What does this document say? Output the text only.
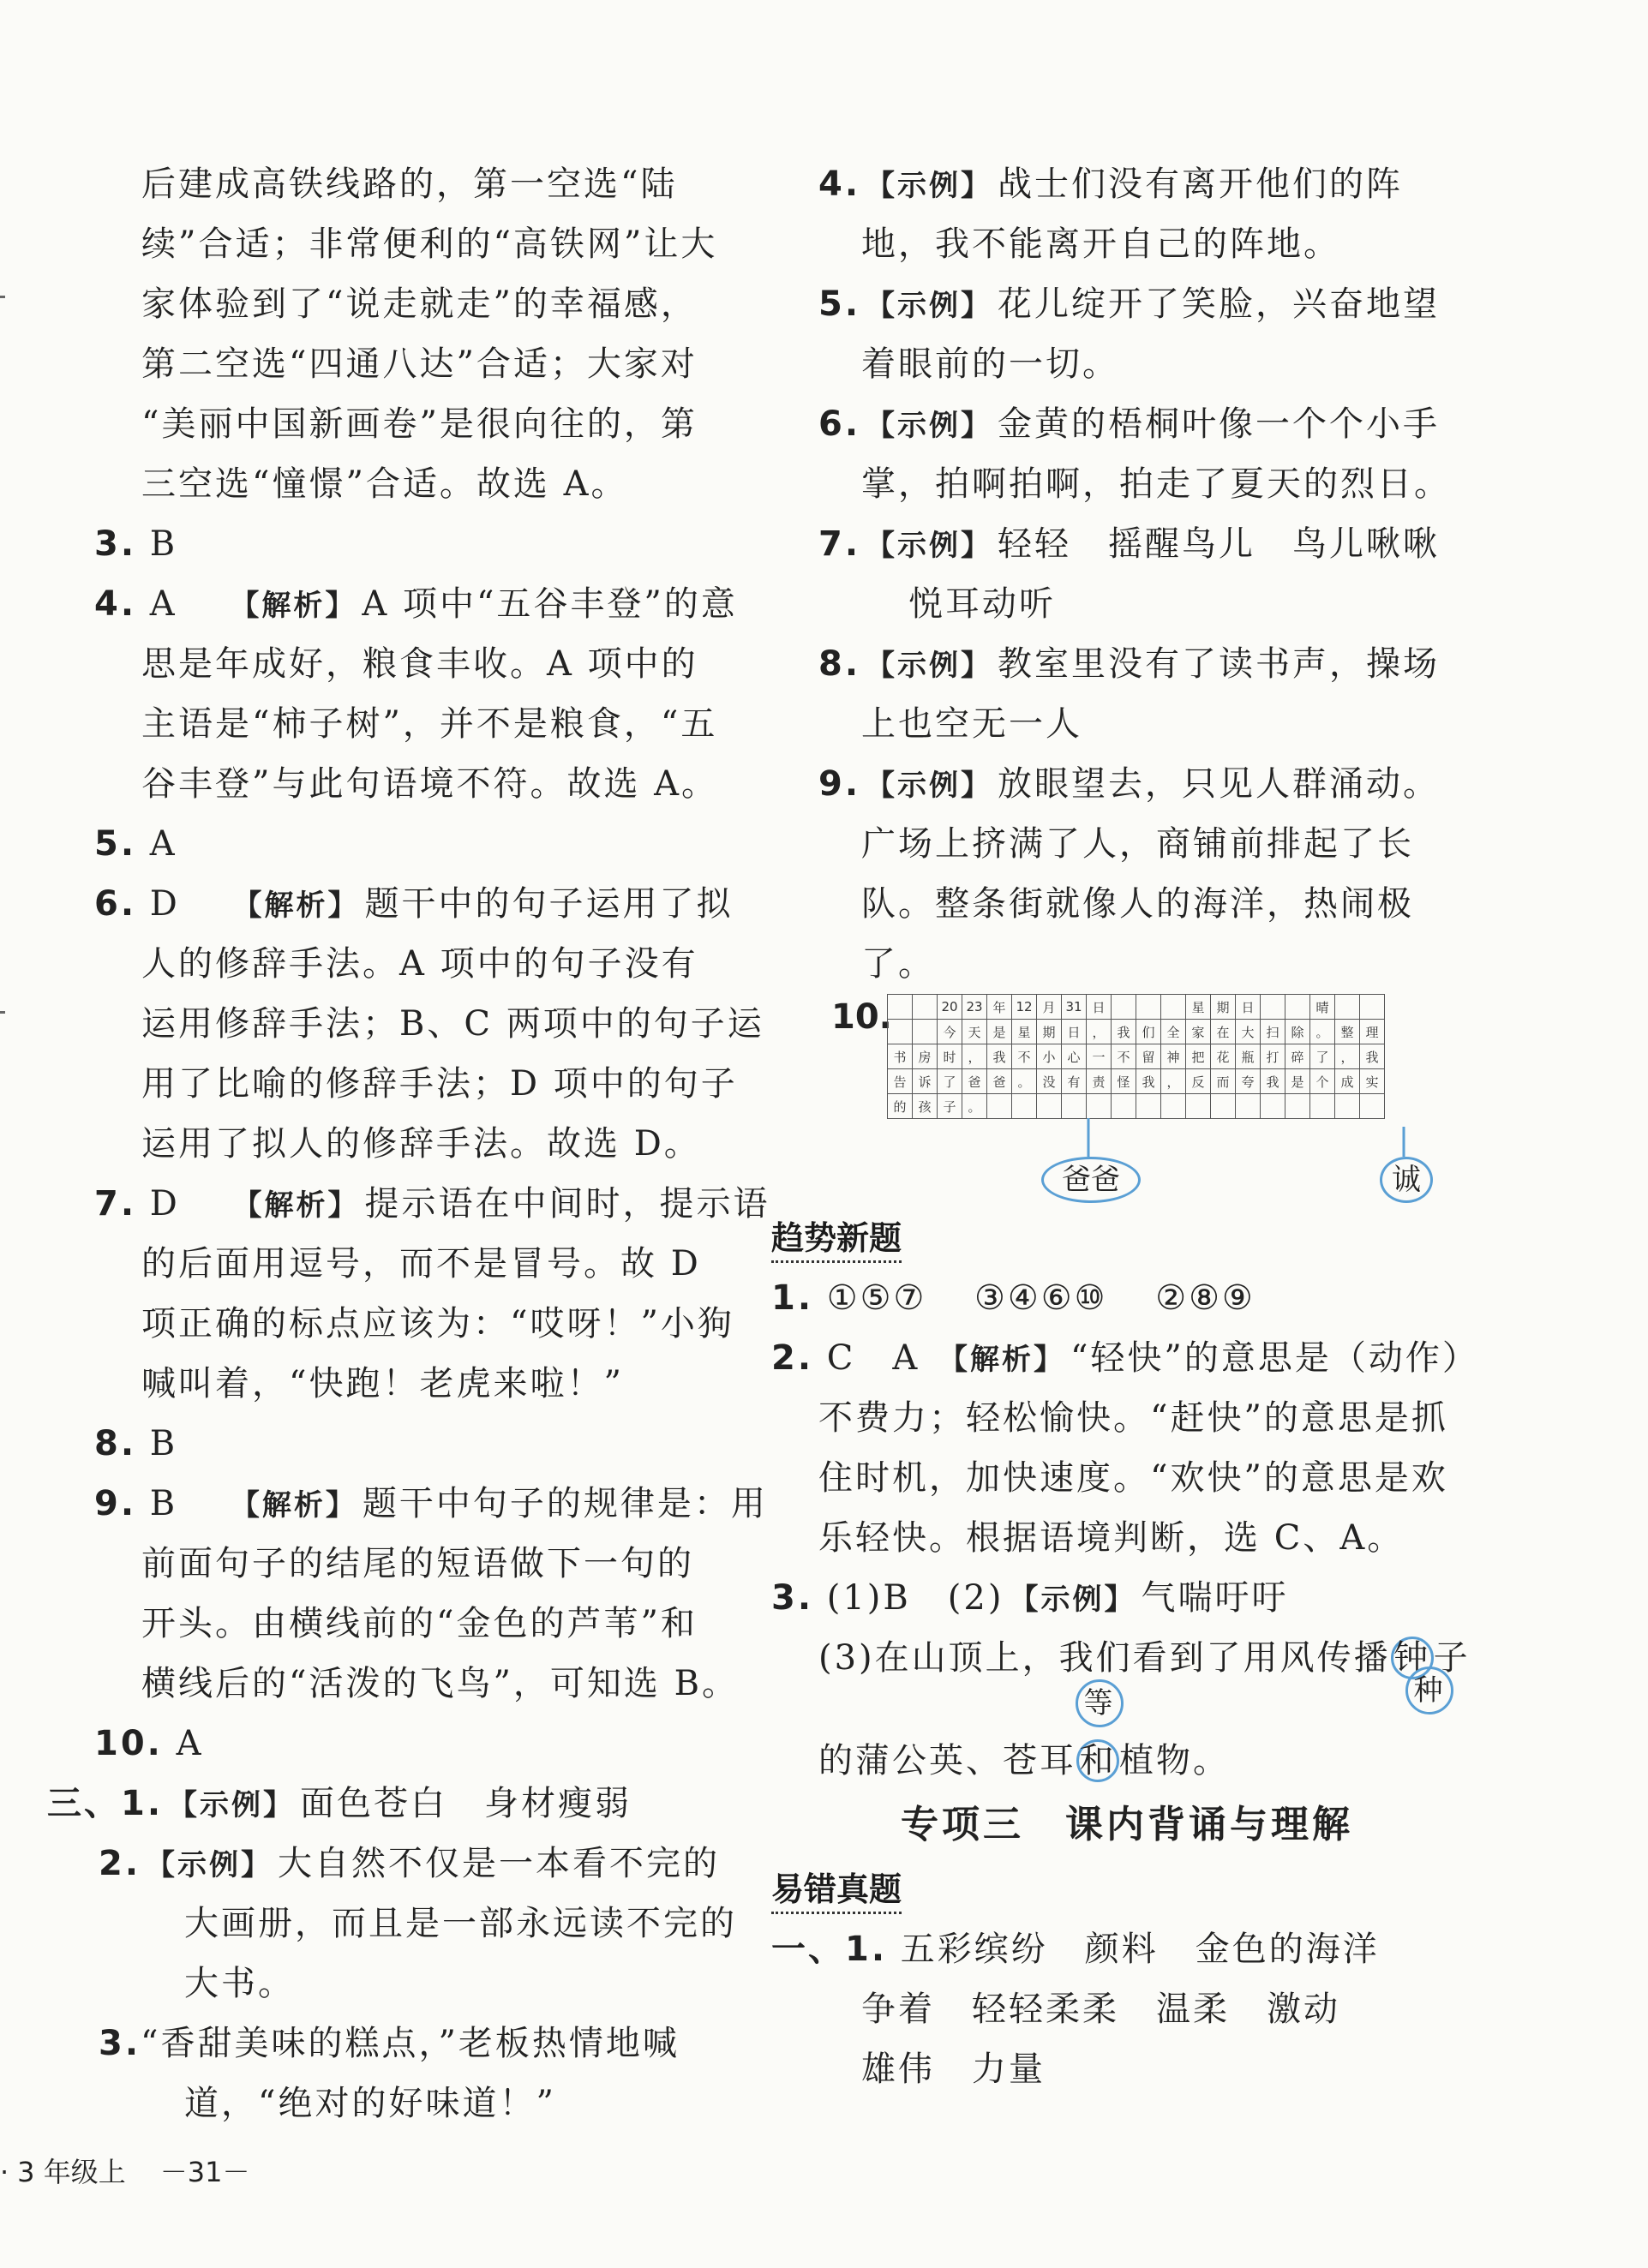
后建成高铁线路的，第一空选“陆
续”合适；非常便利的“高铁网”让大
家体验到了“说走就走”的幸福感，
第二空选“四通八达”合适；大家对
“美丽中国新画卷”是很向往的，第
三空选“憧憬”合适。故选 A。
3. B
4. A 【解析】 A 项中“五谷丰登”的意
思是年成好，粮食丰收。A 项中的
主语是“柿子树”，并不是粮食，“五
谷丰登”与此句语境不符。故选 A。
5. A
6. D 【解析】 题干中的句子运用了拟
人的修辞手法。A 项中的句子没有
运用修辞手法；B、C 两项中的句子运
用了比喻的修辞手法；D 项中的句子
运用了拟人的修辞手法。故选 D。
7. D 【解析】 提示语在中间时，提示语
的后面用逗号，而不是冒号。故 D
项正确的标点应该为：“哎呀！”小狗
喊叫着，“快跑！老虎来啦！”
8. B
9. B 【解析】 题干中句子的规律是：用
前面句子的结尾的短语做下一句的
开头。由横线前的“金色的芦苇”和
横线后的“活泼的飞鸟”，可知选 B。
10. A
三、1. 【示例】 面色苍白　身材瘦弱
2. 【示例】 大自然不仅是一本看不完的
大画册，而且是一部永远读不完的
大书。
3.“香甜美味的糕点，”老板热情地喊
道，“绝对的好味道！”
4. 【示例】 战士们没有离开他们的阵
地，我不能离开自己的阵地。
5. 【示例】 花儿绽开了笑脸，兴奋地望
着眼前的一切。
6. 【示例】 金黄的梧桐叶像一个个小手
掌，拍啊拍啊，拍走了夏天的烈日。
7. 【示例】 轻轻　摇醒鸟儿　鸟儿啾啾
悦耳动听
8. 【示例】 教室里没有了读书声，操场
上也空无一人
9. 【示例】 放眼望去，只见人群涌动。
广场上挤满了人，商铺前排起了长
队。整条街就像人的海洋，热闹极
了。
10.
			20	23	年	12	月	31	日				星	期	日			晴		
		今	天	是	星	期	日	，	我	们	全	家	在	大	扫	除	。	整	理
书	房	时	，	我	不	小	心	一	不	留	神	把	花	瓶	打	碎	了	，	我
告	诉	了	爸	爸	。	没	有	责	怪	我	，	反	而	夸	我	是	个	成	实
的	孩	子	。																
爸爸	诚
趋势新题
1. ①⑤⑦ ③④⑥⑩ ②⑧⑨
2. C　A 【解析】 “轻快”的意思是（动作）
不费力；轻松愉快。“赶快”的意思是抓
住时机，加快速度。“欢快”的意思是欢
乐轻快。根据语境判断，选 C、A。
3. (1)B　(2) 【示例】 气喘吁吁
(3)在山顶上，我们看到了用风传播钟子
种
等
的蒲公英、苍耳和植物。
专项三　课内背诵与理解
易错真题
一、1. 五彩缤纷　颜料　金色的海洋
争着　轻轻柔柔　温柔　激动
雄伟　力量
· 3 年级上 －31－
